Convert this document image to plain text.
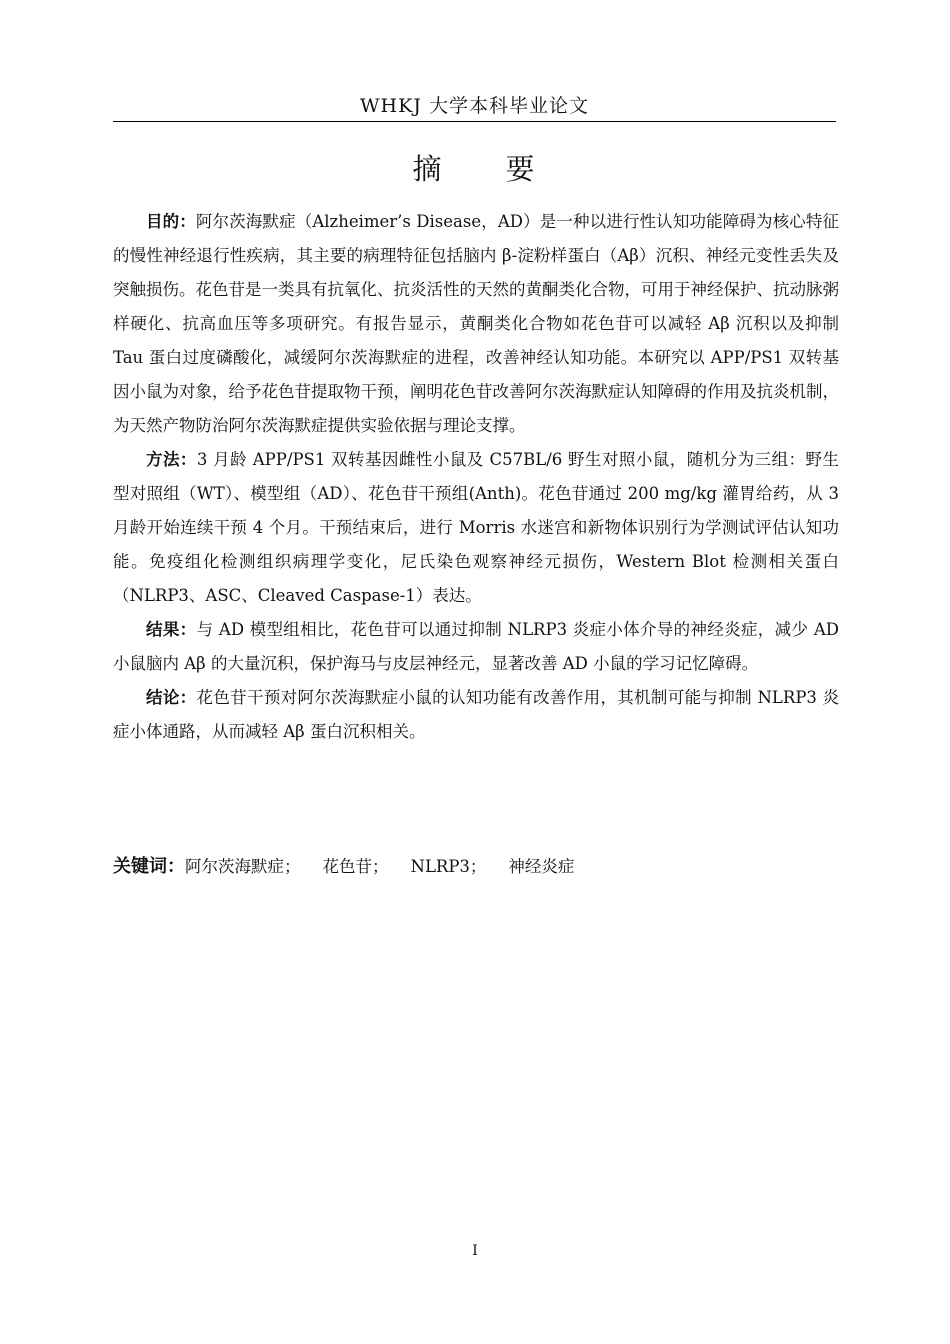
WHKJ 大学本科毕业论文
摘　　要

目的：阿尔茨海默症（Alzheimer’s Disease，AD）是一种以进行性认知功能障碍为核心特征的慢性神经退行性疾病，其主要的病理特征包括脑内 β-淀粉样蛋白（Aβ）沉积、神经元变性丢失及突触损伤。花色苷是一类具有抗氧化、抗炎活性的天然的黄酮类化合物，可用于神经保护、抗动脉粥样硬化、抗高血压等多项研究。有报告显示，黄酮类化合物如花色苷可以减轻 Aβ 沉积以及抑制 Tau 蛋白过度磷酸化，减缓阿尔茨海默症的进程，改善神经认知功能。本研究以 APP/PS1 双转基因小鼠为对象，给予花色苷提取物干预，阐明花色苷改善阿尔茨海默症认知障碍的作用及抗炎机制，为天然产物防治阿尔茨海默症提供实验依据与理论支撑。

方法：3 月龄 APP/PS1 双转基因雌性小鼠及 C57BL/6 野生对照小鼠，随机分为三组：野生型对照组（WT）、模型组（AD）、花色苷干预组(Anth)。花色苷通过 200 mg/kg 灌胃给药，从 3 月龄开始连续干预 4 个月。干预结束后，进行 Morris 水迷宫和新物体识别行为学测试评估认知功能。免疫组化检测组织病理学变化，尼氏染色观察神经元损伤，Western Blot 检测相关蛋白（NLRP3、ASC、Cleaved Caspase-1）表达。

结果：与 AD 模型组相比，花色苷可以通过抑制 NLRP3 炎症小体介导的神经炎症，减少 AD 小鼠脑内 Aβ 的大量沉积，保护海马与皮层神经元，显著改善 AD 小鼠的学习记忆障碍。

结论：花色苷干预对阿尔茨海默症小鼠的认知功能有改善作用，其机制可能与抑制 NLRP3 炎症小体通路，从而减轻 Aβ 蛋白沉积相关。

关键词：阿尔茨海默症； 花色苷； NLRP3； 神经炎症
I
